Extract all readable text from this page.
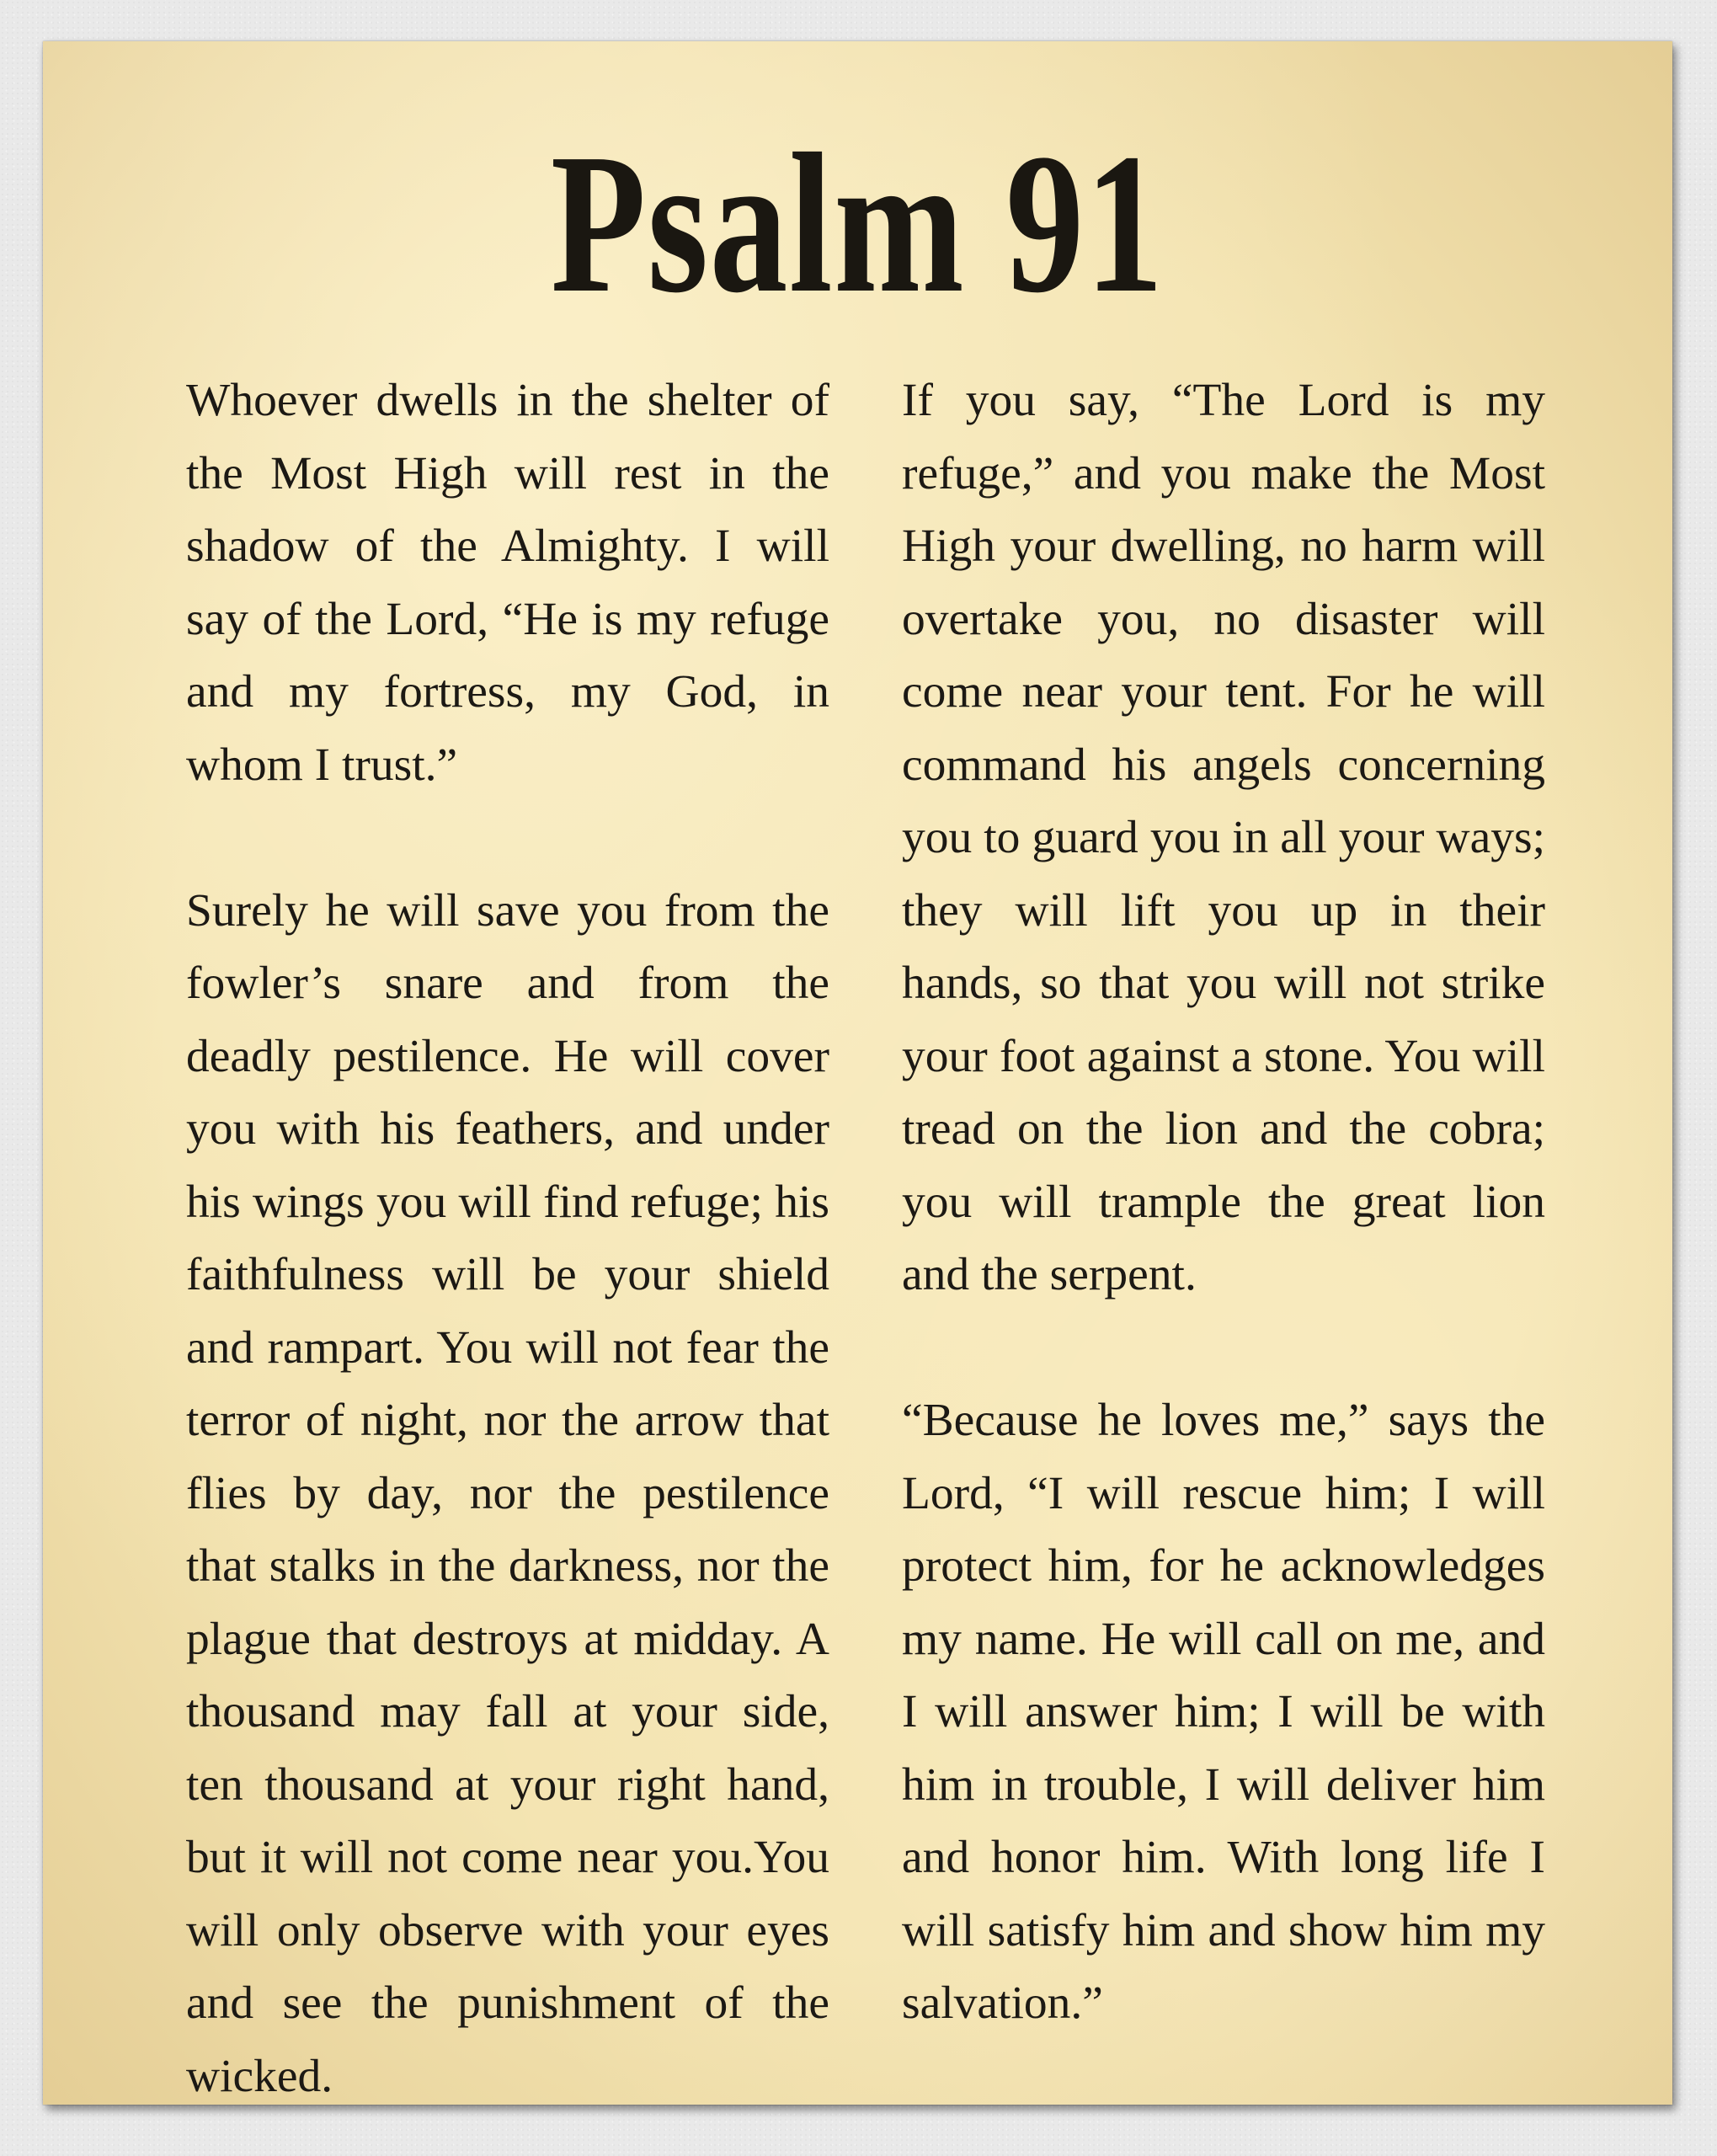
Psalm 91

Whoever dwells in the shelter of the Most High will rest in the shadow of the Almighty. I will say of the Lord, “He is my refuge and my fortress, my God, in whom I trust.”

Surely he will save you from the fowler’s snare and from the deadly pestilence. He will cover you with his feathers, and under his wings you will find refuge; his faithfulness will be your shield and rampart. You will not fear the terror of night, nor the arrow that flies by day, nor the pestilence that stalks in the darkness, nor the plague that destroys at midday. A thousand may fall at your side, ten thousand at your right hand, but it will not come near you.You will only observe with your eyes and see the punishment of the wicked.

If you say, “The Lord is my refuge,” and you make the Most High your dwelling, no harm will overtake you, no disaster will come near your tent. For he will command his angels concerning you to guard you in all your ways; they will lift you up in their hands, so that you will not strike your foot against a stone. You will tread on the lion and the cobra; you will trample the great lion and the serpent.

“Because he loves me,” says the Lord, “I will rescue him; I will protect him, for he acknowledges my name. He will call on me, and I will answer him; I will be with him in trouble, I will deliver him and honor him. With long life I will satisfy him and show him my salvation.”
